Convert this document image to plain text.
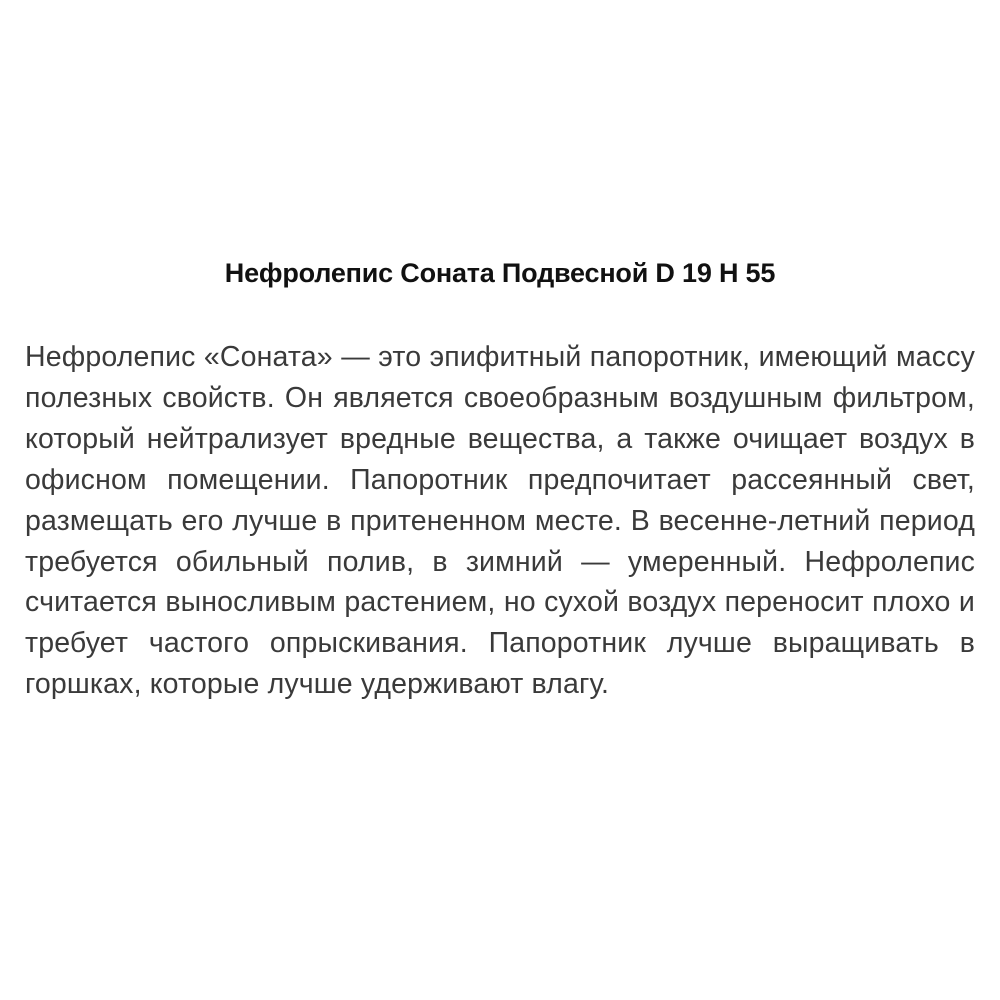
Нефролепис Соната Подвесной D 19 H 55

Нефролепис «Соната» — это эпифитный папоротник, имеющий массу полезных свойств. Он является своеобразным воздушным фильтром, который нейтрализует вредные вещества, а также очищает воздух в офисном помещении. Папоротник предпочитает рассеянный свет, размещать его лучше в притененном месте. В весенне-летний период требуется обильный полив, в зимний — умеренный. Нефролепис считается выносливым растением, но сухой воздух переносит плохо и требует частого опрыскивания. Папоротник лучше выращивать в горшках, которые лучше удерживают влагу.
